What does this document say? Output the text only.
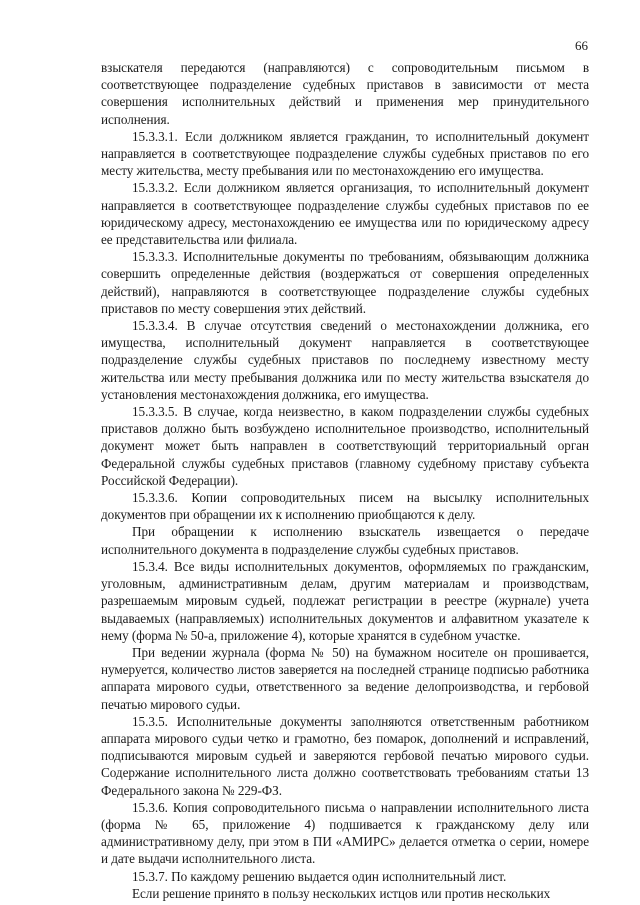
66

взыскателя передаются (направляются) с сопроводительным письмом в соответствующее подразделение судебных приставов в зависимости от места совершения исполнительных действий и применения мер принудительного исполнения.

15.3.3.1. Если должником является гражданин, то исполнительный документ направляется в соответствующее подразделение службы судебных приставов по его месту жительства, месту пребывания или по местонахождению его имущества.

15.3.3.2. Если должником является организация, то исполнительный документ направляется в соответствующее подразделение службы судебных приставов по ее юридическому адресу, местонахождению ее имущества или по юридическому адресу ее представительства или филиала.

15.3.3.3. Исполнительные документы по требованиям, обязывающим должника совершить определенные действия (воздержаться от совершения определенных действий), направляются в соответствующее подразделение службы судебных приставов по месту совершения этих действий.

15.3.3.4. В случае отсутствия сведений о местонахождении должника, его имущества, исполнительный документ направляется в соответствующее подразделение службы судебных приставов по последнему известному месту жительства или месту пребывания должника или по месту жительства взыскателя до установления местонахождения должника, его имущества.

15.3.3.5. В случае, когда неизвестно, в каком подразделении службы судебных приставов должно быть возбуждено исполнительное производство, исполнительный документ может быть направлен в соответствующий территориальный орган Федеральной службы судебных приставов (главному судебному приставу субъекта Российской Федерации).

15.3.3.6. Копии сопроводительных писем на высылку исполнительных документов при обращении их к исполнению приобщаются к делу.

При обращении к исполнению взыскатель извещается о передаче исполнительного документа в подразделение службы судебных приставов.

15.3.4. Все виды исполнительных документов, оформляемых по гражданским, уголовным, административным делам, другим материалам и производствам, разрешаемым мировым судьей, подлежат регистрации в реестре (журнале) учета выдаваемых (направляемых) исполнительных документов и алфавитном указателе к нему (форма № 50-а, приложение 4), которые хранятся в судебном участке.

При ведении журнала (форма № 50) на бумажном носителе он прошивается, нумеруется, количество листов заверяется на последней странице подписью работника аппарата мирового судьи, ответственного за ведение делопроизводства, и гербовой печатью мирового судьи.

15.3.5. Исполнительные документы заполняются ответственным работником аппарата мирового судьи четко и грамотно, без помарок, дополнений и исправлений, подписываются мировым судьей и заверяются гербовой печатью мирового судьи. Содержание исполнительного листа должно соответствовать требованиям статьи 13 Федерального закона № 229-ФЗ.

15.3.6. Копия сопроводительного письма о направлении исполнительного листа (форма № 65, приложение 4) подшивается к гражданскому делу или административному делу, при этом в ПИ «АМИРС» делается отметка о серии, номере и дате выдачи исполнительного листа.

15.3.7. По каждому решению выдается один исполнительный лист.

Если решение принято в пользу нескольких истцов или против нескольких
